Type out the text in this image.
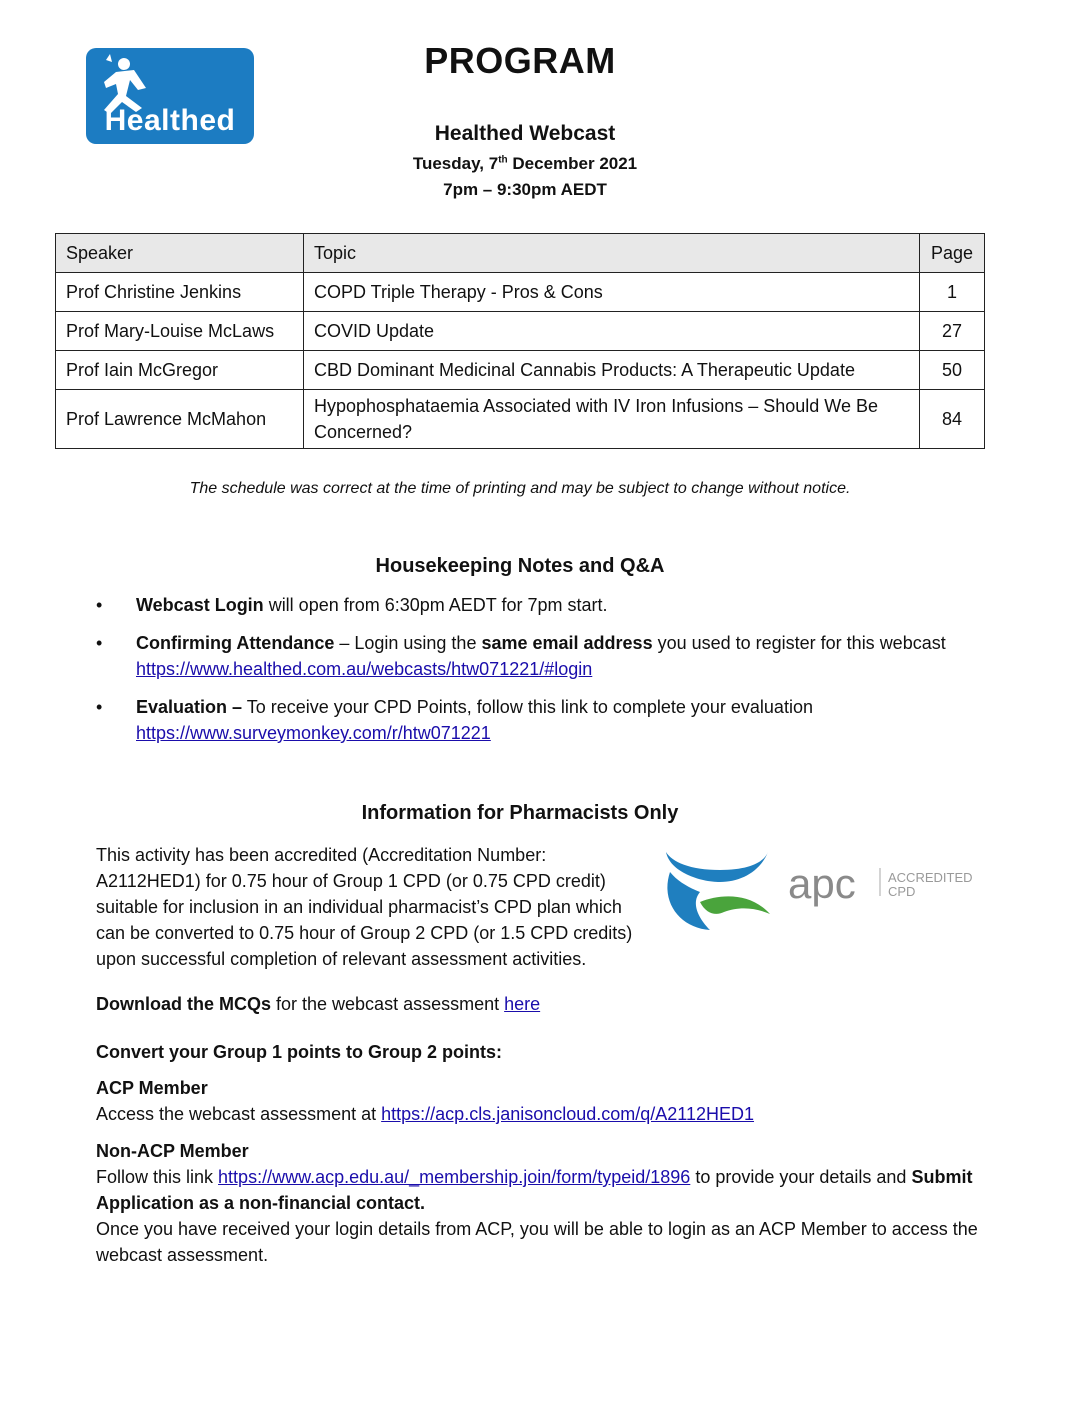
Healthed
PROGRAM
Healthed Webcast
Tuesday, 7th December 2021
7pm – 9:30pm AEDT
Speaker	Topic	Page
Prof Christine Jenkins	COPD Triple Therapy - Pros & Cons	1
Prof Mary-Louise McLaws	COVID Update	27
Prof Iain McGregor	CBD Dominant Medicinal Cannabis Products: A Therapeutic Update	50
Prof Lawrence McMahon	Hypophosphataemia Associated with IV Iron Infusions – Should We Be Concerned?	84
The schedule was correct at the time of printing and may be subject to change without notice.
Housekeeping Notes and Q&A
• Webcast Login will open from 6:30pm AEDT for 7pm start.
• Confirming Attendance – Login using the same email address you used to register for this webcast https://www.healthed.com.au/webcasts/htw071221/#login
• Evaluation – To receive your CPD Points, follow this link to complete your evaluation https://www.surveymonkey.com/r/htw071221
Information for Pharmacists Only
This activity has been accredited (Accreditation Number: A2112HED1) for 0.75 hour of Group 1 CPD (or 0.75 CPD credit) suitable for inclusion in an individual pharmacist’s CPD plan which can be converted to 0.75 hour of Group 2 CPD (or 1.5 CPD credits) upon successful completion of relevant assessment activities.
apc ACCREDITED
CPD
Download the MCQs for the webcast assessment here
Convert your Group 1 points to Group 2 points:
ACP Member
Access the webcast assessment at https://acp.cls.janisoncloud.com/q/A2112HED1
Non-ACP Member
Follow this link https://www.acp.edu.au/_membership.join/form/typeid/1896 to provide your details and Submit Application as a non-financial contact.
Once you have received your login details from ACP, you will be able to login as an ACP Member to access the webcast assessment.
